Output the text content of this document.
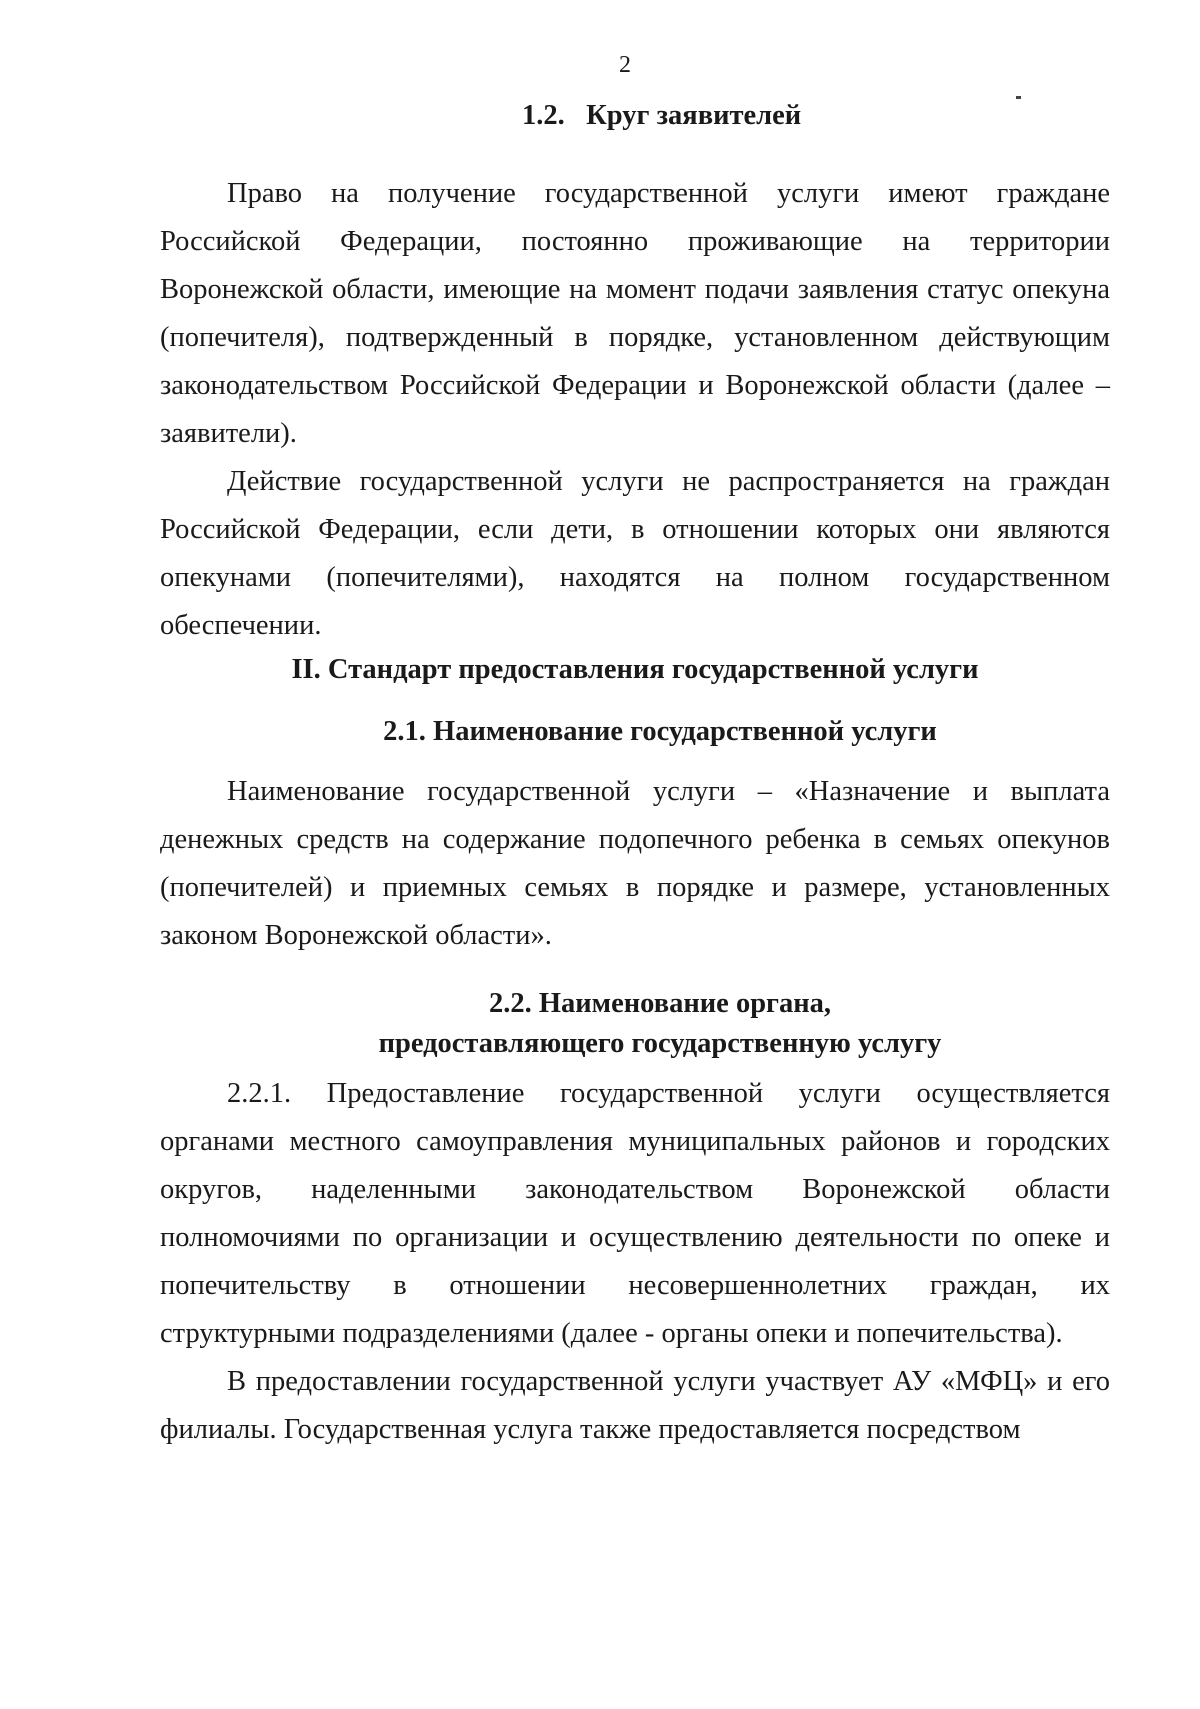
2

1.2.   Круг заявителей

Право на получение государственной услуги имеют граждане Российской Федерации, постоянно проживающие на территории Воронежской области, имеющие на момент подачи заявления статус опекуна (попечителя), подтвержденный в порядке, установленном действующим законодательством Российской Федерации и Воронежской области (далее – заявители).

Действие государственной услуги не распространяется на граждан Российской Федерации, если дети, в отношении которых они являются опекунами (попечителями), находятся на полном государственном обеспечении.

II. Стандарт предоставления государственной услуги

2.1. Наименование государственной услуги

Наименование государственной услуги – «Назначение и выплата денежных средств на содержание подопечного ребенка в семьях опекунов (попечителей) и приемных семьях в порядке и размере, установленных законом Воронежской области».

2.2. Наименование органа,

предоставляющего государственную услугу

2.2.1. Предоставление государственной услуги осуществляется органами местного самоуправления муниципальных районов и городских округов, наделенными законодательством Воронежской области полномочиями по организации и осуществлению деятельности по опеке и попечительству в отношении несовершеннолетних граждан, их структурными подразделениями (далее - органы опеки и попечительства).

В предоставлении государственной услуги участвует АУ «МФЦ» и его филиалы. Государственная услуга также предоставляется посредством
